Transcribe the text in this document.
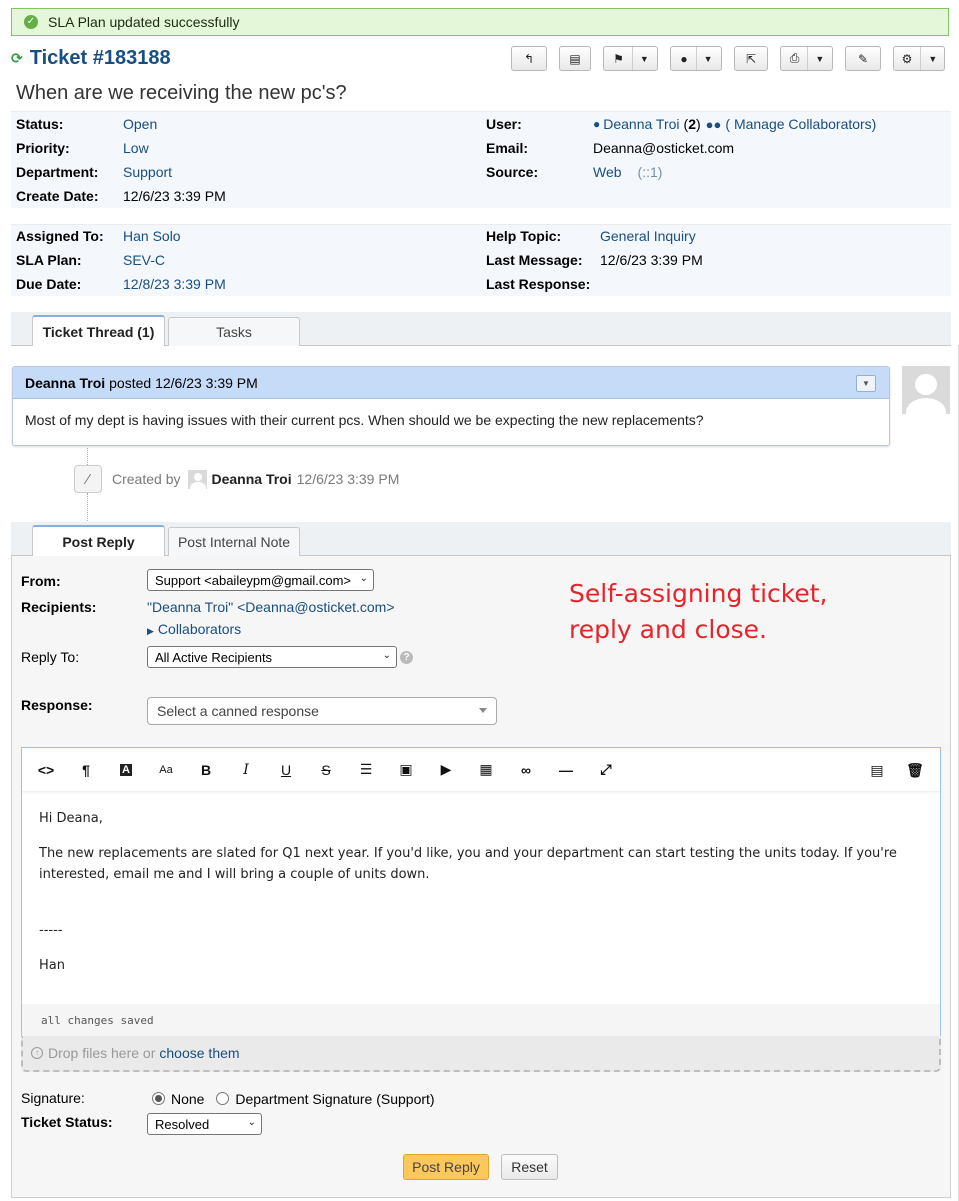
✓ SLA Plan updated successfully
⟳ Ticket #183188	↰	▤	⚑	▼	●	▼	⇱	⎙	▼	✎	⚙	▼
When are we receiving the new pc's?
Status:	Open
Priority:	Low
Department: Support
Create Date: 12/6/23 3:39 PM
User:	● Deanna Troi ( 2 ) ●● ( Manage Collaborators)
Email:	Deanna@osticket.com
Source:	Web (::1)
Assigned To: Han Solo
SLA Plan:	SEV-C
Due Date:	12/8/23 3:39 PM
Help Topic:	General Inquiry
Last Message: 12/6/23 3:39 PM
Last Response:
Ticket Thread (1)	Tasks
Deanna Troi posted 12/6/23 3:39 PM	▼
Most of my dept is having issues with their current pcs. When should we be expecting the new replacements?
⁄	Created by Deanna Troi 12/6/23 3:39 PM
Post Reply	Post Internal Note
From:	Support <abaileypm@gmail.com> ⌄
Recipients:	"Deanna Troi" <Deanna@osticket.com>
▶ Collaborators
Reply To:	All Active Recipients	⌄	?
Self-assigning ticket,
reply and close.
Response:	Select a canned response
<>	¶	A	Aa	B	I	U	S	☰	▣	▶	▦	∞	—	⤢	▤	🗑

Hi Deana,

The new replacements are slated for Q1 next year. If you'd like, you and your department can start testing the units today. If you're interested, email me and I will bring a couple of units down.

-----

Han

all changes saved
↑ Drop files here or choose them
Signature:	None Department Signature (Support)
Ticket Status:	Resolved	⌄
Post Reply	Reset
